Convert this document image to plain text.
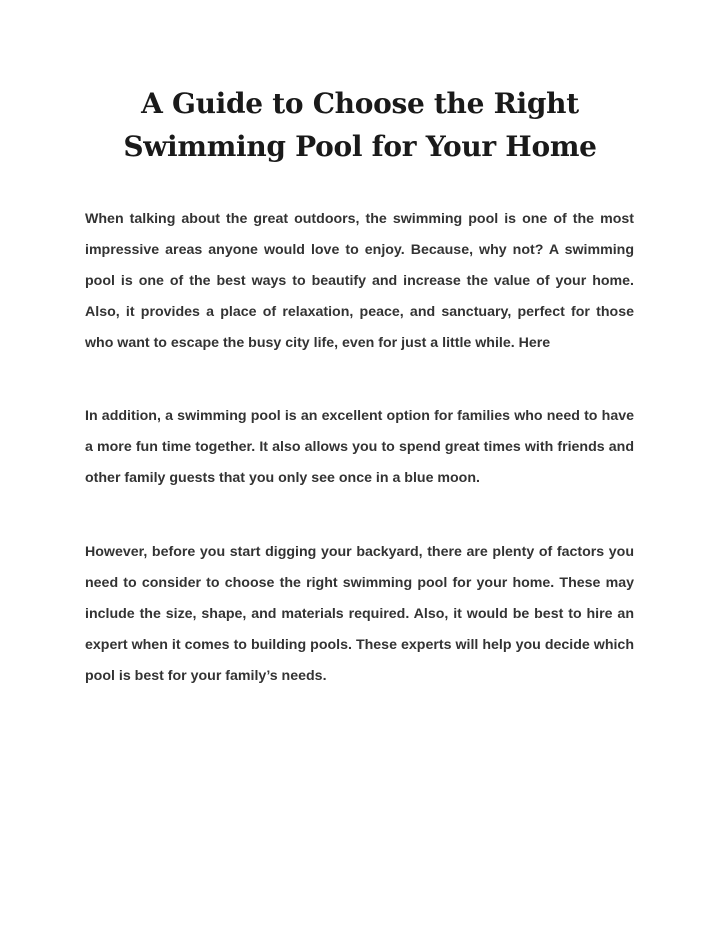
A Guide to Choose the Right
Swimming Pool for Your Home

When talking about the great outdoors, the swimming pool is one of the most impressive areas anyone would love to enjoy. Because, why not? A swimming pool is one of the best ways to beautify and increase the value of your home. Also, it provides a place of relaxation, peace, and sanctuary, perfect for those who want to escape the busy city life, even for just a little while. Here

In addition, a swimming pool is an excellent option for families who need to have a more fun time together. It also allows you to spend great times with friends and other family guests that you only see once in a blue moon.

However, before you start digging your backyard, there are plenty of factors you need to consider to choose the right swimming pool for your home. These may include the size, shape, and materials required. Also, it would be best to hire an expert when it comes to building pools. These experts will help you decide which pool is best for your family’s needs.
